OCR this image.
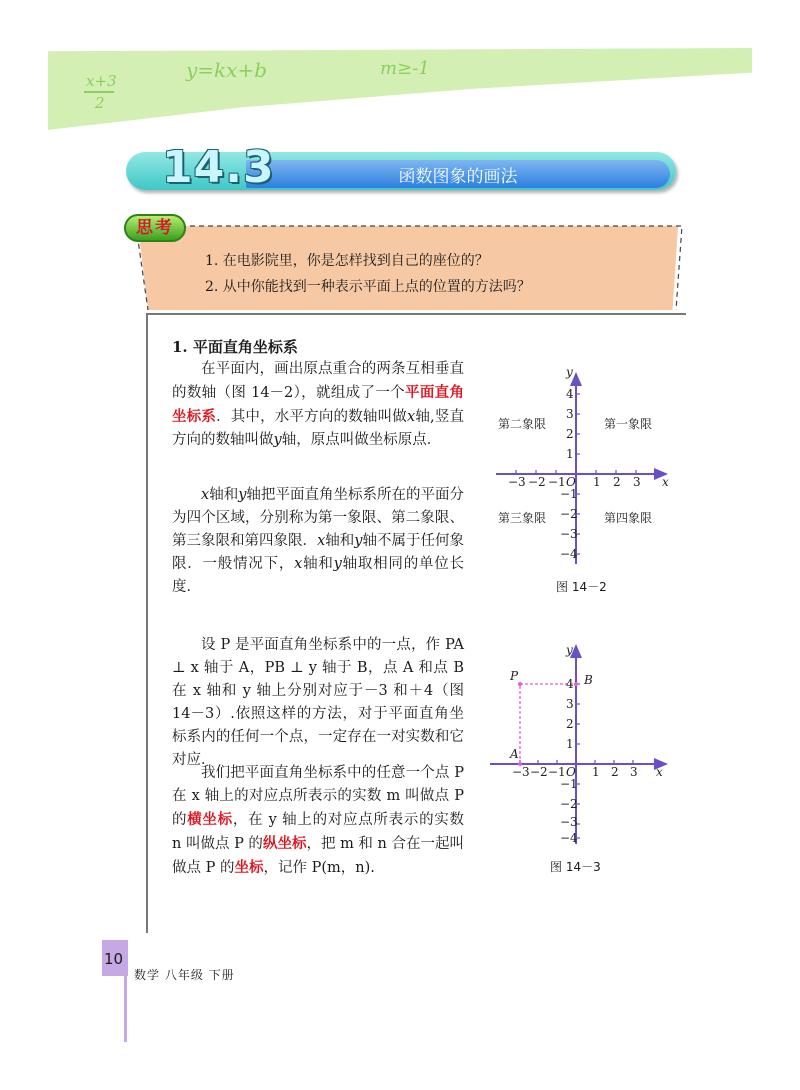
x+3
2
y=kx+b	m≥-1
14.3	函数图象的画法
思考
1. 在电影院里，你是怎样找到自己的座位的？
2. 从中你能找到一种表示平面上点的位置的方法吗？
1. 平面直角坐标系
在平面内，画出原点重合的两条互相垂直的数轴（图 14－2），就组成了一个平面直角坐标系．其中，水平方向的数轴叫做x轴,竖直方向的数轴叫做y轴，原点叫做坐标原点．
x轴和y轴把平面直角坐标系所在的平面分为四个区域，分别称为第一象限、第二象限、第三象限和第四象限．x轴和y轴不属于任何象限．一般情况下，x轴和y轴取相同的单位长度．
设 P 是平面直角坐标系中的一点，作 PA ⊥ x 轴于 A，PB ⊥ y 轴于 B，点 A 和点 B 在 x 轴和 y 轴上分别对应于－3 和＋4（图 14－3）.依照这样的方法，对于平面直角坐标系内的任何一个点，一定存在一对实数和它对应．
我们把平面直角坐标系中的任意一个点 P 在 x 轴上的对应点所表示的实数 m 叫做点 P 的横坐标，在 y 轴上的对应点所表示的实数 n 叫做点 P 的纵坐标，把 m 和 n 合在一起叫做点 P 的坐标，记作 P(m，n).
−3 −2 −1 1 2 3
O	x
y
4
3
2
1
−1
−2
−3
−4
第二象限	第一象限
第三象限	第四象限
图 14－2
P
A
B
−3 −2 −1 1 2 3
O	x
y
4
3
2
1
−1
−2
−3
−4
图 14－3
10
数学 八年级 下册
